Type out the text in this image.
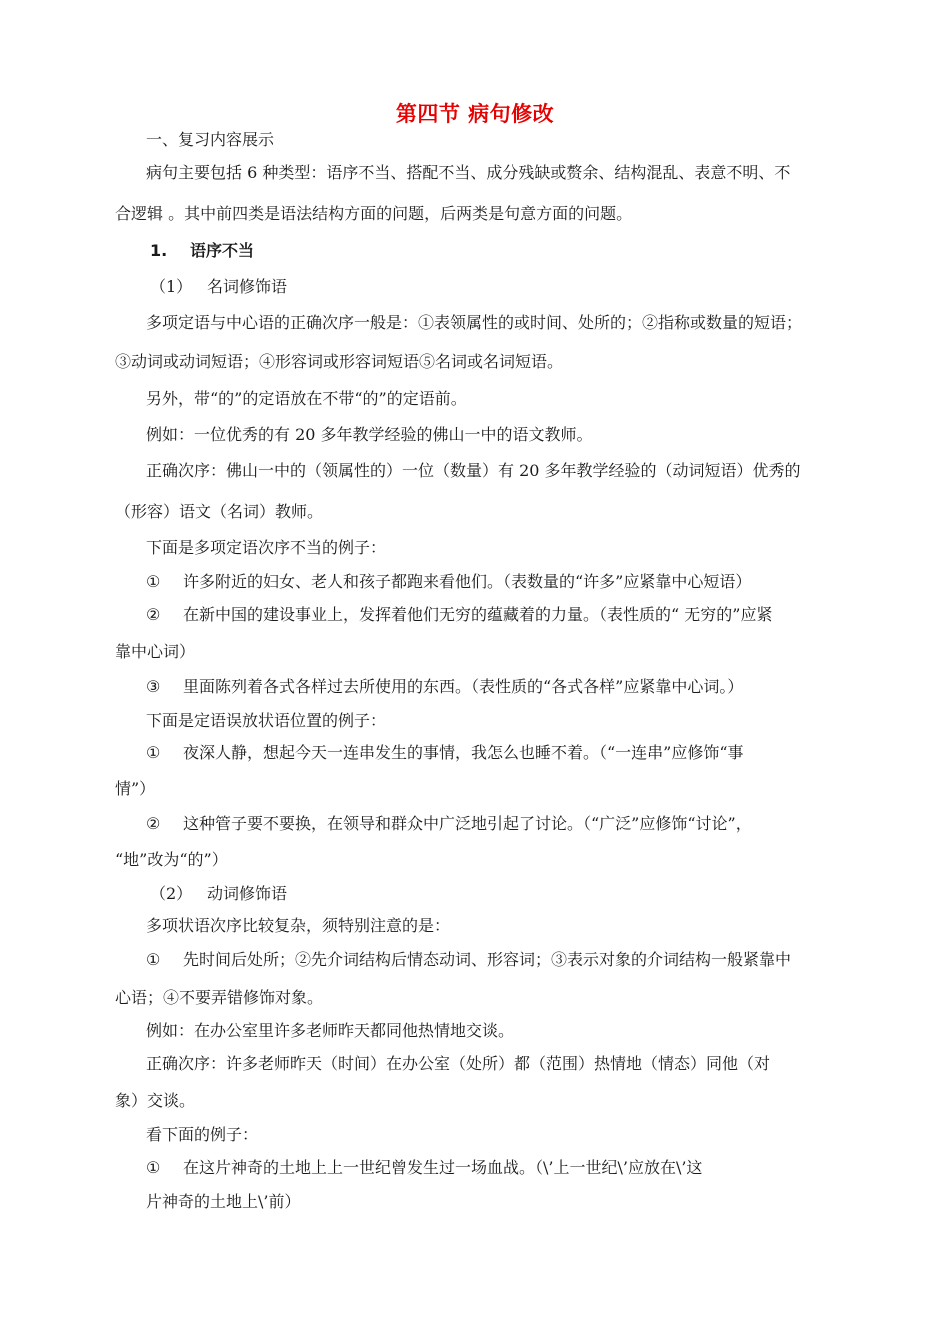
第四节 病句修改
一、复习内容展示
病句主要包括 6 种类型：语序不当、搭配不当、成分残缺或赘余、结构混乱、表意不明、不
合逻辑 。其中前四类是语法结构方面的问题，后两类是句意方面的问题。
1. 语序不当
（1） 名词修饰语
多项定语与中心语的正确次序一般是：①表领属性的或时间、处所的；②指称或数量的短语；
③动词或动词短语；④形容词或形容词短语⑤名词或名词短语。
另外，带“的”的定语放在不带“的”的定语前。
例如：一位优秀的有 20 多年教学经验的佛山一中的语文教师。
正确次序：佛山一中的（领属性的）一位（数量）有 20 多年教学经验的（动词短语）优秀的
（形容）语文（名词）教师。
下面是多项定语次序不当的例子：
① 许多附近的妇女、老人和孩子都跑来看他们。（表数量的“许多”应紧靠中心短语）
② 在新中国的建设事业上，发挥着他们无穷的蕴藏着的力量。（表性质的“ 无穷的”应紧
靠中心词）
③ 里面陈列着各式各样过去所使用的东西。（表性质的“各式各样”应紧靠中心词。）
下面是定语误放状语位置的例子：
① 夜深人静，想起今天一连串发生的事情，我怎么也睡不着。（“一连串”应修饰“事
情”）
② 这种管子要不要换，在领导和群众中广泛地引起了讨论。（“广泛”应修饰“讨论”，
“地”改为“的”）
（2） 动词修饰语
多项状语次序比较复杂，须特别注意的是：
① 先时间后处所；②先介词结构后情态动词、形容词；③表示对象的介词结构一般紧靠中
心语；④不要弄错修饰对象。
例如：在办公室里许多老师昨天都同他热情地交谈。
正确次序：许多老师昨天（时间）在办公室（处所）都（范围）热情地（情态）同他（对
象）交谈。
看下面的例子：
① 在这片神奇的土地上上一世纪曾发生过一场血战。（\’上一世纪\’应放在\’这
片神奇的土地上\’前）
